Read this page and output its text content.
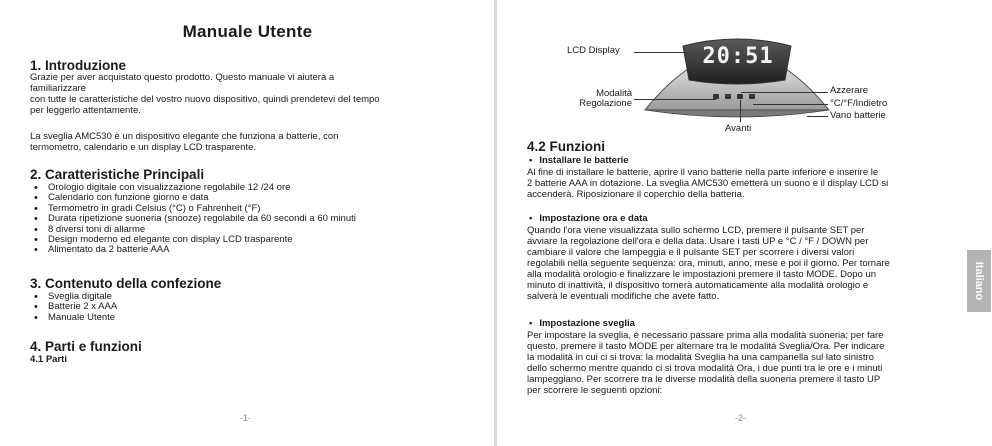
Manuale Utente
1. Introduzione
Grazie per aver acquistato questo prodotto. Questo manuale vi aiuterà a
familiarizzare
con tutte le caratteristiche del vostro nuovo dispositivo, quindi prendetevi del tempo
per leggerlo attentamente.
La sveglia AMC530 è un dispositivo elegante che funziona a batterie, con
termometro, calendario e un display LCD trasparente.
2. Caratteristiche Principali
• Orologio digitale con visualizzazione regolabile 12 /24 ore
• Calendario con funzione giorno e data
• Termometro in gradi Celsius (°C) o Fahrenheit (°F)
• Durata ripetizione suoneria (snooze) regolabile da 60 secondi a 60 minuti
• 8 diversi toni di allarme
• Design moderno ed elegante con display LCD trasparente
• Alimentato da 2 batterie AAA
3. Contenuto della confezione
• Sveglia digitale
• Batterie 2 x AAA
• Manuale Utente
4. Parti e funzioni
4.1 Parti
-1-
20:51
LCD Display
Modalità
Regolazione
Azzerare
°C/°F/Indietro
Vano batterie
Avanti
4.2 Funzioni
• Installare le batterie
Al fine di installare le batterie, aprire il vano batterie nella parte inferiore e inserire le
2 batterie AAA in dotazione. La sveglia AMC530 emetterà un suono e il display LCD si
accenderà. Riposizionare il coperchio della batteria.
• Impostazione ora e data
Quando l'ora viene visualizzata sullo schermo LCD, premere il pulsante SET per
avviare la regolazione dell'ora e della data. Usare i tasti UP e °C / °F / DOWN per
cambiare il valore che lampeggia e il pulsante SET per scorrere i diversi valori
regolabili nella seguente sequenza: ora, minuti, anno, mese e poi il giorno. Per tornare
alla modalità orologio e finalizzare le impostazioni premere il tasto MODE. Dopo un
minuto di inattività, il dispositivo tornerà automaticamente alla modalità orologio e
salverà le eventuali modifiche che avete fatto.
• Impostazione sveglia
Per impostare la sveglia, è necessario passare prima alla modalità suoneria; per fare
questo, premere il tasto MODE per alternare tra le modalità Sveglia/Ora. Per indicare
la modalità in cui ci si trova: la modalità Sveglia ha una campanella sul lato sinistro
dello schermo mentre quando ci si trova modalità Ora, i due punti tra le ore e i minuti
lampeggiano. Per scorrere tra le diverse modalità della suoneria premere il tasto UP
per scorrere le seguenti opzioni:
-2-
Italiano
